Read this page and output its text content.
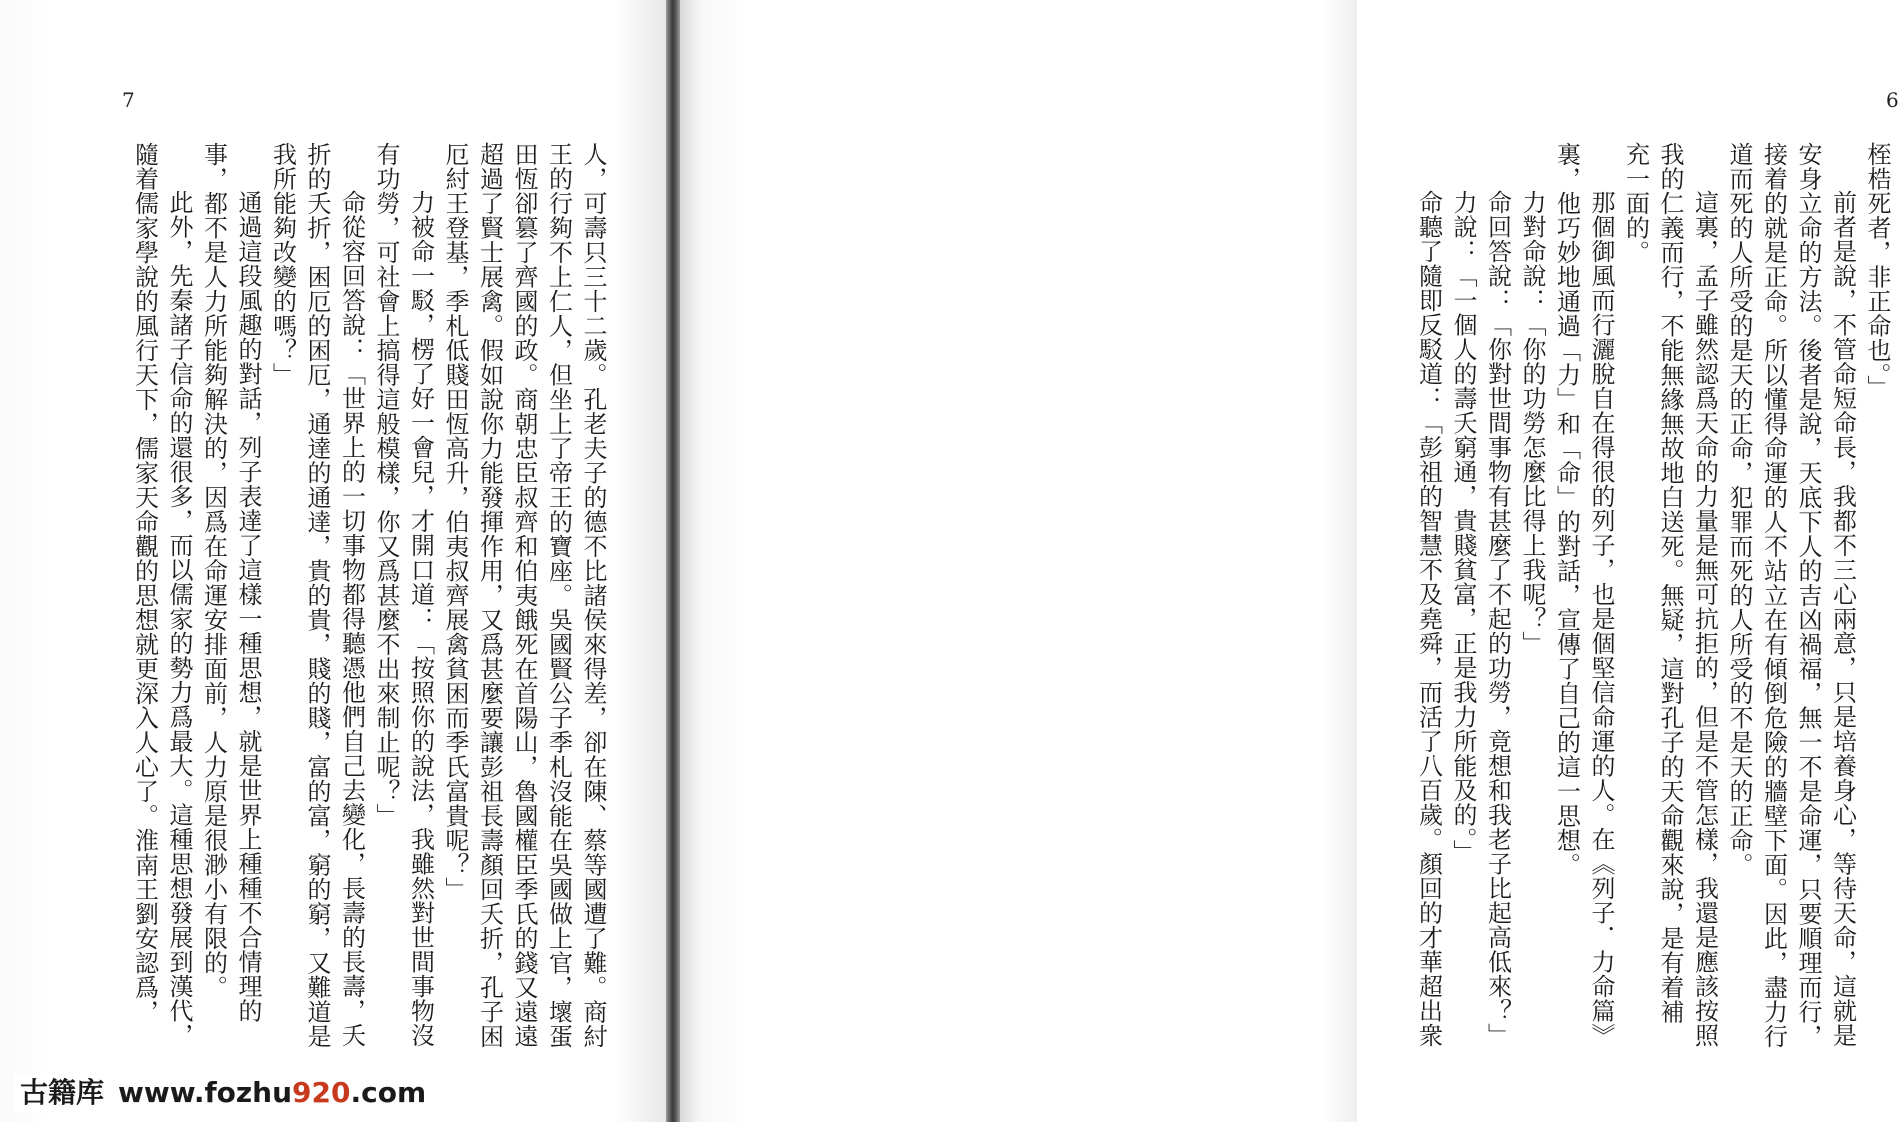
7

人，可壽只三十二歲。孔老夫子的德不比諸侯來得差，卻在陳、蔡等國遭了難。商紂

王的行夠不上仁人，但坐上了帝王的寶座。吳國賢公子季札沒能在吳國做上官，壞蛋

田恆卻篡了齊國的政。商朝忠臣叔齊和伯夷餓死在首陽山，魯國權臣季氏的錢又遠遠

超過了賢士展禽。假如說你力能發揮作用，又爲甚麼要讓彭祖長壽顏回夭折，孔子困

厄紂王登基，季札低賤田恆高升，伯夷叔齊展禽貧困而季氏富貴呢？」

力被命一駁，楞了好一會兒，才開口道：「按照你的說法，我雖然對世間事物沒

有功勞，可社會上搞得這般模樣，你又爲甚麼不出來制止呢？」

命從容回答說：「世界上的一切事物都得聽憑他們自己去變化，長壽的長壽，夭

折的夭折，困厄的困厄，通達的通達，貴的貴，賤的賤，富的富，窮的窮，又難道是

我所能夠改變的嗎？」

通過這段風趣的對話，列子表達了這樣一種思想，就是世界上種種不合情理的

事，都不是人力所能夠解決的，因爲在命運安排面前，人力原是很渺小有限的。

此外，先秦諸子信命的還很多，而以儒家的勢力爲最大。這種思想發展到漢代，

隨着儒家學說的風行天下，儒家天命觀的思想就更深入人心了。淮南王劉安認爲，

6

桎梏死者，非正命也。」

前者是說，不管命短命長，我都不三心兩意，只是培養身心，等待天命，這就是

安身立命的方法。後者是說，天底下人的吉凶禍福，無一不是命運，只要順理而行，

接着的就是正命。所以懂得命運的人不站立在有傾倒危險的牆壁下面。因此，盡力行

道而死的人所受的是天的正命，犯罪而死的人所受的不是天的正命。

這裏，孟子雖然認爲天命的力量是無可抗拒的，但是不管怎樣，我還是應該按照

我的仁義而行，不能無緣無故地白送死。無疑，這對孔子的天命觀來說，是有着補

充一面的。

那個御風而行灑脫自在得很的列子，也是個堅信命運的人。在《列子．力命篇》

裏，他巧妙地通過「力」和「命」的對話，宣傳了自己的這一思想。

力對命說：「你的功勞怎麼比得上我呢？」

命回答說：「你對世間事物有甚麼了不起的功勞，竟想和我老子比起高低來？」

力說：「一個人的壽夭窮通，貴賤貧富，正是我力所能及的。」

命聽了隨即反駁道：「彭祖的智慧不及堯舜，而活了八百歲。顏回的才華超出衆

古籍库 www.fozhu920.com
